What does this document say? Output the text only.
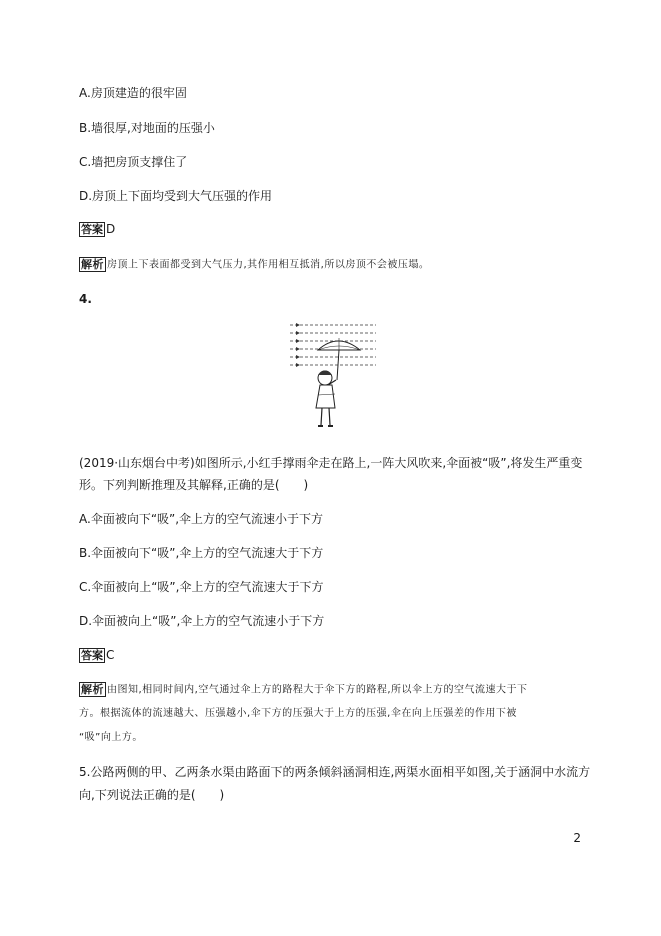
A.房顶建造的很牢固
B.墙很厚,对地面的压强小
C.墙把房顶支撑住了
D.房顶上下面均受到大气压强的作用
答案 D
解析 房顶上下表面都受到大气压力,其作用相互抵消,所以房顶不会被压塌。
4.
(2019·山东烟台中考)如图所示,小红手撑雨伞走在路上,一阵大风吹来,伞面被“吸”,将发生严重变
形。下列判断推理及其解释,正确的是(　　)
A.伞面被向下“吸”,伞上方的空气流速小于下方
B.伞面被向下“吸”,伞上方的空气流速大于下方
C.伞面被向上“吸”,伞上方的空气流速大于下方
D.伞面被向上“吸”,伞上方的空气流速小于下方
答案 C
解析 由图知,相同时间内,空气通过伞上方的路程大于伞下方的路程,所以伞上方的空气流速大于下
方。根据流体的流速越大、压强越小,伞下方的压强大于上方的压强,伞在向上压强差的作用下被
“吸”向上方。
5.公路两侧的甲、乙两条水渠由路面下的两条倾斜涵洞相连,两渠水面相平如图,关于涵洞中水流方
向,下列说法正确的是(　　)
2
